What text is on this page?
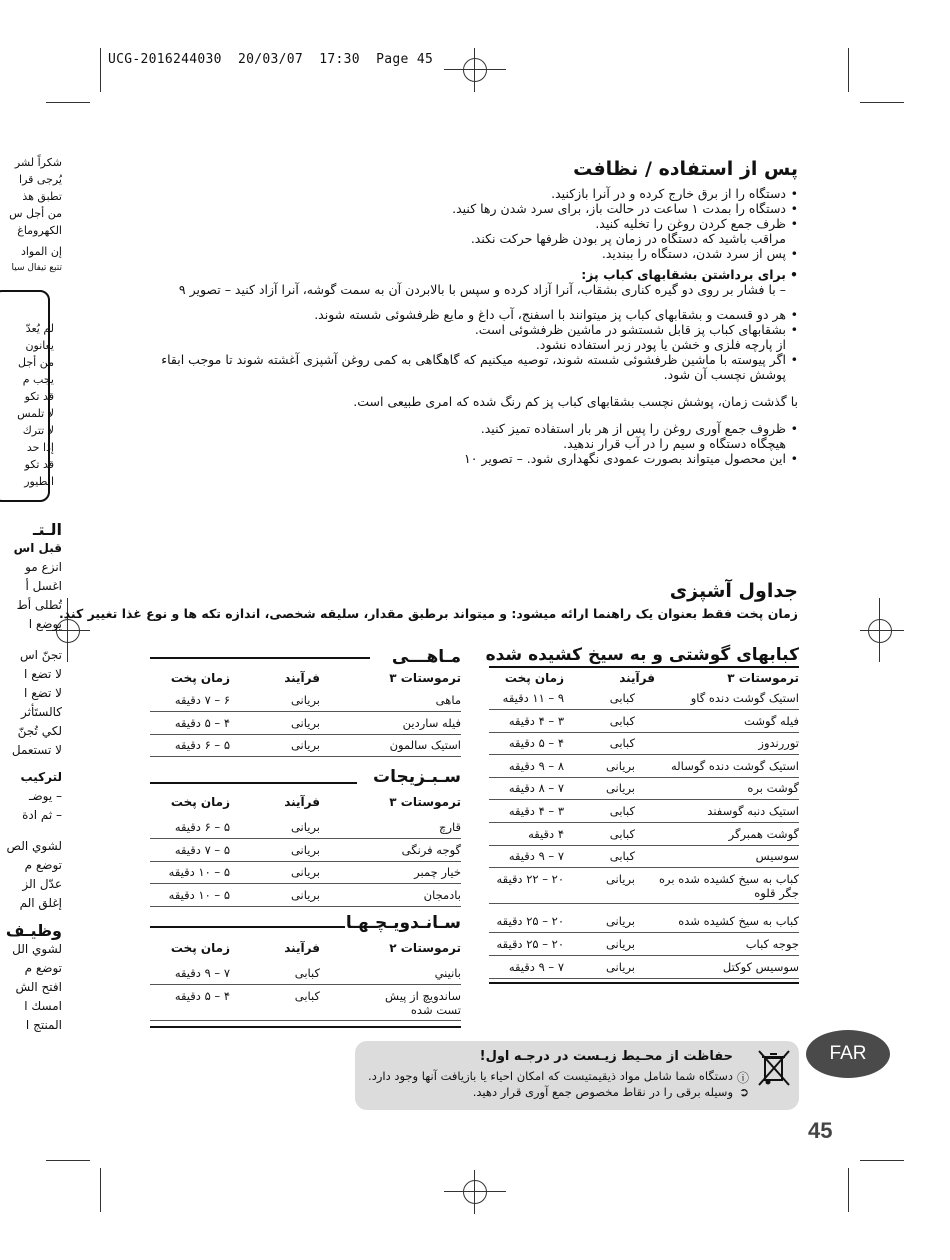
UCG-2016244030  20/03/07  17:30  Page 45
شكراً لشر
يُرجى قرا
تطبق هذ
من أجل س
الكهروماغ
إن المواد
تتبع تيفال سيا
لم يُعدّ
يعانون
من أجل
يجب م
قد تكو
لا تلمس
لا تترك
إذا حد
قد تكو
الطيور
الـتـ
قبل اس
انزع مو
اغسل أ
تُطلى أط
يوضع ا
تجنّ اس
لا تضع ا
لا تضع ا
كالستَأثر
لكي تُجنّ
لا تستعمل
لتركيب
– يوضـ
– ثم ادة
لشوي الص
توضع م
عدّل الز
إغلق الم
وظيـف
لشوي الل
توضع م
افتح الش
امسك ا
المنتج ا
پس از استفاده / نظافت
• دستگاه را از برق خارج کرده و در آنرا بازکنید.
• دستگاه را بمدت ۱ ساعت در حالت باز، برای سرد شدن رها کنید.
• ظرف جمع کردن روغن را تخلیه کنید.
مراقب باشید که دستگاه در زمان پر بودن ظرفها حرکت نکند.
• پس از سرد شدن، دستگاه را ببندید.
• برای برداشتن بشقابهای کباب پز:
– با فشار بر روی دو گیره کناری بشقاب، آنرا آزاد کرده و سپس با بالابردن آن به سمت گوشه، آنرا آزاد کنید – تصویر ۹
• هر دو قسمت و بشقابهای کباب پز میتوانند با اسفنج، آب داغ و مایع ظرفشوئی شسته شوند.
• بشقابهای کباب پز قابل شستشو در ماشین ظرفشوئی است.
از پارچه فلزی و خشن یا پودر زبر استفاده نشود.
• اگر پیوسته با ماشین ظرفشوئی شسته شوند، توصیه میکنیم که گاهگاهی به کمی روغن آشپزی آغشته شوند تا موجب ابقاء
پوشش نچسب آن شود.
با گذشت زمان، پوشش نچسب بشقابهای کباب پز کم رنگ شده که امری طبیعی است.
• ظروف جمع آوری روغن را پس از هر بار استفاده تمیز کنید.
هیچگاه دستگاه و سیم را در آب قرار ندهید.
• این محصول میتواند بصورت عمودی نگهداری شود. – تصویر ۱۰
جداول آشپزی
زمان پخت فقط بعنوان یک راهنما ارائه میشود: و میتواند برطبق مقدار، سلیقه شخصی، اندازه تکه ها و نوع غذا تغییر کند.
کبابهای گوشتی و به سیخ کشیده شده
ترموستات ۳
فرآیند
زمان پخت
استیک گوشت دنده گاو
کبابی
۹ – ۱۱ دقیقه
فیله گوشت
کبابی
۳ – ۴ دقیقه
توررندوز
کبابی
۴ – ۵ دقیقه
استیک گوشت دنده گوساله
بریانی
۸ – ۹ دقیقه
گوشت بره
بریانی
۷ – ۸ دقیقه
استیک دنبه گوسفند
کبابی
۳ – ۴ دقیقه
گوشت همبرگر
کبابی
۴ دقیقه
سوسیس
کبابی
۷ – ۹ دقیقه
کباب به سیخ کشیده شده بره
بریانی
۲۰ – ۲۲ دقیقه
جگر قلوه
کباب به سیخ کشیده شده
بریانی
۲۰ – ۲۵ دقیقه
جوجه کباب
بریانی
۲۰ – ۲۵ دقیقه
سوسیس کوکتل
بریانی
۷ – ۹ دقیقه
مـاهـــی
ترموستات ۳
فرآیند
زمان پخت
ماهی
بریانی
۶ – ۷ دقیقه
فیله ساردین
بریانی
۴ – ۵ دقیقه
استیک سالمون
بریانی
۵ – ۶ دقیقه
سـبـزیجات
ترموستات ۳
فرآیند
زمان پخت
قارچ
بریانی
۵ – ۶ دقیقه
گوجه فرنگی
بریانی
۵ – ۷ دقیقه
خیار چمبر
بریانی
۵ – ۱۰ دقیقه
بادمجان
بریانی
۵ – ۱۰ دقیقه
سـانـدویـچـهـا
ترموستات ۲
فرآیند
زمان پخت
بانيني
کبابی
۷ – ۹ دقیقه
ساندویچ از پیش
کبابی
۴ – ۵ دقیقه
تست شده
حفاظت از محـیط زیـست در درجـه اول!
دستگاه شما شامل مواد ذیقیمتیست که امکان احیاء یا بازیافت آنها وجود دارد.
وسیله برقی را در نقاط مخصوص جمع آوری قرار دهید.
ⓘ
➲
FAR
45
